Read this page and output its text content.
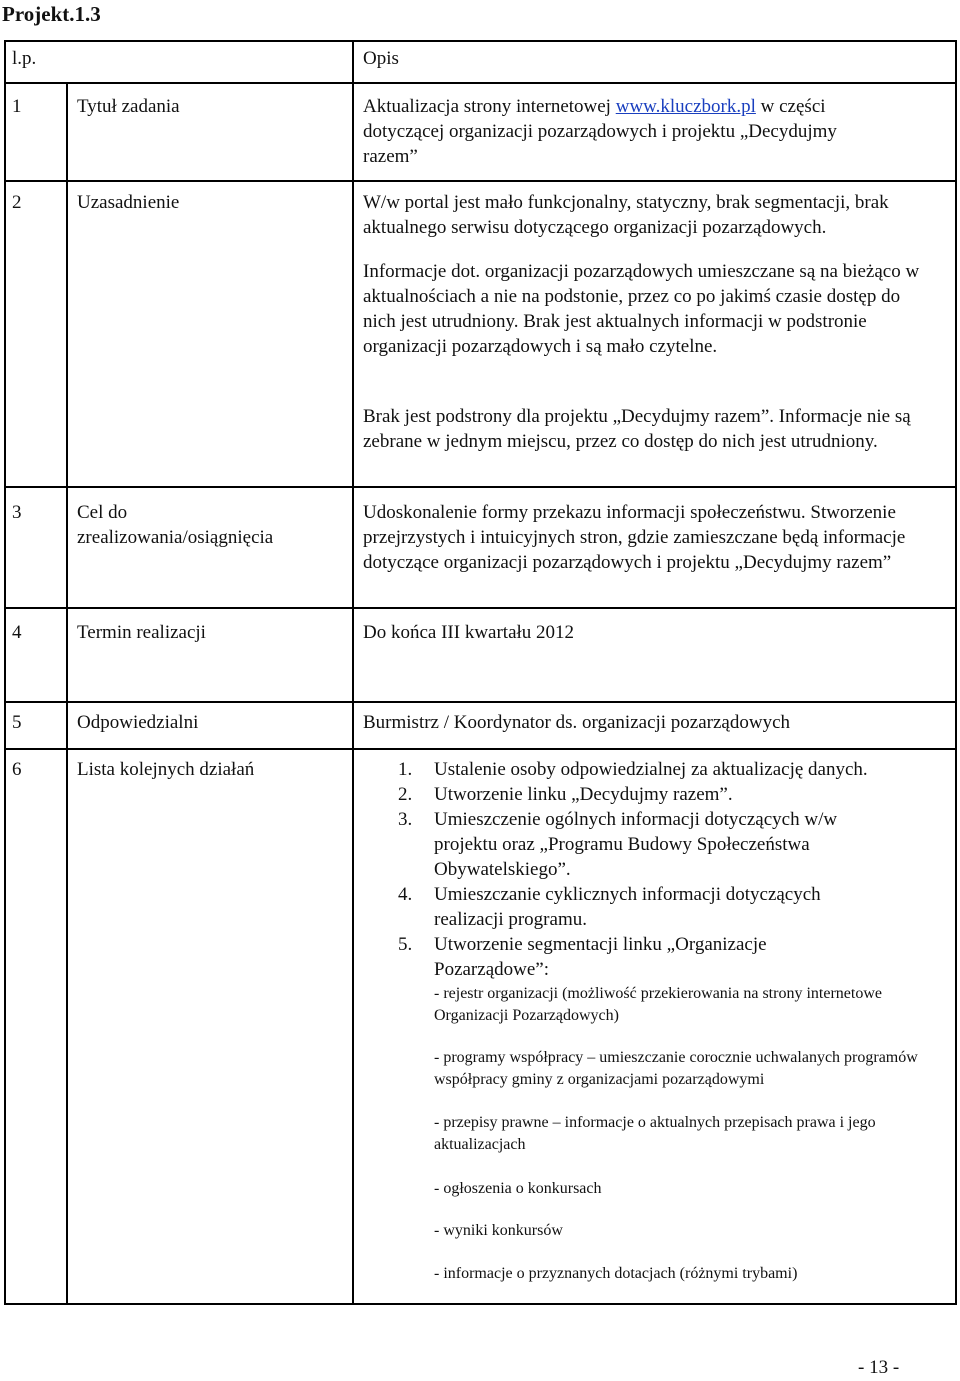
Projekt.1.3
l.p.	Opis
1	Tytuł zadania	Aktualizacja strony internetowej www.kluczbork.pl w części
dotyczącej organizacji pozarządowych i projektu „Decydujmy
razem”
2	Uzasadnienie	W/w portal jest mało funkcjonalny, statyczny, brak segmentacji, brak aktualnego serwisu dotyczącego organizacji pozarządowych.

Informacje dot. organizacji pozarządowych umieszczane są na bieżąco w aktualnościach a nie na podstonie, przez co po jakimś czasie dostęp do nich jest utrudniony. Brak jest aktualnych informacji w podstronie organizacji pozarządowych i są mało czytelne.

Brak jest podstrony dla projektu „Decydujmy razem”. Informacje nie są zebrane w jednym miejscu, przez co dostęp do nich jest utrudniony.

3	Cel do
zrealizowania/osiągnięcia

Udoskonalenie formy przekazu informacji społeczeństwu. Stworzenie przejrzystych i intuicyjnych stron, gdzie zamieszczane będą informacje dotyczące organizacji pozarządowych i projektu „Decydujmy razem”

4	Termin realizacji	Do końca III kwartału 2012
5	Odpowiedzialni	Burmistrz / Koordynator ds. organizacji pozarządowych
6	Lista kolejnych działań	1. Ustalenie osoby odpowiedzialnej za aktualizację danych.

2. Utworzenie linku „Decydujmy razem”.

3. Umieszczenie ogólnych informacji dotyczących w/w projektu oraz „Programu Budowy Społeczeństwa Obywatelskiego”.

4. Umieszczanie cyklicznych informacji dotyczących realizacji programu.

5. Utworzenie segmentacji linku „Organizacje Pozarządowe”:

- rejestr organizacji (możliwość przekierowania na strony internetowe Organizacji Pozarządowych)

- programy współpracy – umieszczanie corocznie uchwalanych programów współpracy gminy z organizacjami pozarządowymi

- przepisy prawne – informacje o aktualnych przepisach prawa i jego aktualizacjach

- ogłoszenia o konkursach

- wyniki konkursów

- informacje o przyznanych dotacjach (różnymi trybami)

- 13 -
